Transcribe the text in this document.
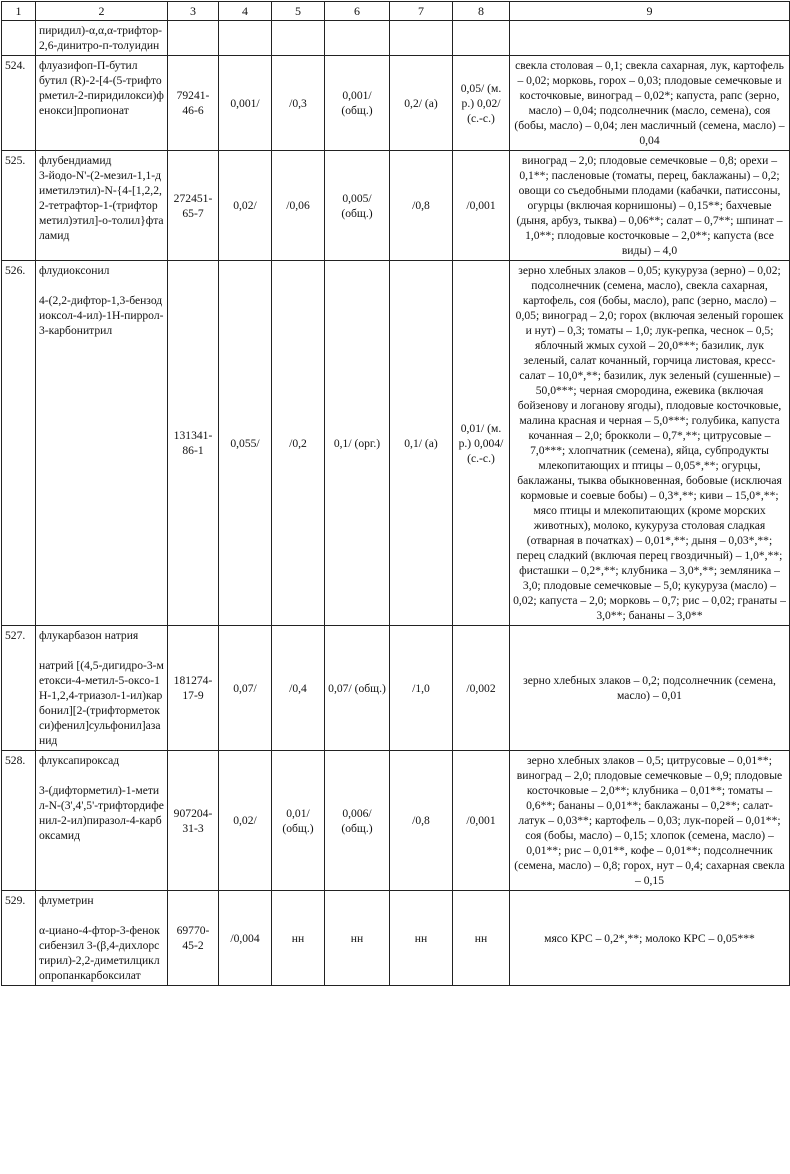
1	2	3	4	5	6	7	8	9
	пиридил)-α,α,α-трифтор-2,6-динитро-п-толуидин							
524.	флуазифоп-П-бутил
бутил (R)-2-[4-(5-трифторметил-2-пиридилокси)фенокси]пропионат	79241-46-6	0,001/	/0,3	0,001/ (общ.)	0,2/ (а)	0,05/ (м. р.) 0,02/ (с.-с.)	свекла столовая – 0,1; свекла сахарная, лук, картофель – 0,02; морковь, горох – 0,03; плодовые семечковые и косточковые, виноград – 0,02*; капуста, рапс (зерно, масло) – 0,04; подсолнечник (масло, семена), соя (бобы, масло) – 0,04; лен масличный (семена, масло) – 0,04
525.	флубендиамид
3-йодо-N'-(2-мезил-1,1-диметилэтил)-N-{4-[1,2,2,2-тетрафтор-1-(трифторметил)этил]-o-толил}фталамид	272451-65-7	0,02/	/0,06	0,005/ (общ.)	/0,8	/0,001	виноград – 2,0; плодовые семечковые – 0,8; орехи – 0,1**; пасленовые (томаты, перец, баклажаны) – 0,2; овощи со съедобными плодами (кабачки, патиссоны, огурцы (включая корнишоны) – 0,15**; бахчевые (дыня, арбуз, тыква) – 0,06**; салат – 0,7**; шпинат – 1,0**; плодовые косточковые – 2,0**; капуста (все виды) – 4,0
526.	флудиоксонил
4-(2,2-дифтор-1,3-бензодиоксол-4-ил)-1Н-пиррол-3-карбонитрил	131341-86-1	0,055/	/0,2	0,1/ (орг.)	0,1/ (а)	0,01/ (м. р.) 0,004/ (с.-с.)	зерно хлебных злаков – 0,05; кукуруза (зерно) – 0,02; подсолнечник (семена, масло), свекла сахарная, картофель, соя (бобы, масло), рапс (зерно, масло) – 0,05; виноград – 2,0; горох (включая зеленый горошек и нут) – 0,3; томаты – 1,0; лук-репка, чеснок – 0,5; яблочный жмых сухой – 20,0***; базилик, лук зеленый, салат кочанный, горчица листовая, кресс-салат – 10,0*,**; базилик, лук зеленый (сушенные) – 50,0***; черная смородина, ежевика (включая бойзенову и логанову ягоды), плодовые косточковые, малина красная и черная – 5,0***; голубика, капуста кочанная – 2,0; брокколи – 0,7*,**; цитрусовые – 7,0***; хлопчатник (семена), яйца, субпродукты млекопитающих и птицы – 0,05*,**; огурцы, баклажаны, тыква обыкновенная, бобовые (исключая кормовые и соевые бобы) – 0,3*,**; киви – 15,0*,**; мясо птицы и млекопитающих (кроме морских животных), молоко, кукуруза столовая сладкая (отварная в початках) – 0,01*,**; дыня – 0,03*,**; перец сладкий (включая перец гвоздичный) – 1,0*,**; фисташки – 0,2*,**; клубника – 3,0*,**; земляника – 3,0; плодовые семечковые – 5,0; кукуруза (масло) – 0,02; капуста – 2,0; морковь – 0,7; рис – 0,02; гранаты – 3,0**; бананы – 3,0**
527.	флукарбазон натрия
натрий [(4,5-дигидро-3-метокси-4-метил-5-оксо-1Н-1,2,4-триазол-1-ил)карбонил][2-(трифторметокси)фенил]сульфонил]азанид	181274-17-9	0,07/	/0,4	0,07/ (общ.)	/1,0	/0,002	зерно хлебных злаков – 0,2; подсолнечник (семена, масло) – 0,01
528.	флуксапироксад
3-(дифторметил)-1-метил-N-(3',4',5'-трифтордифенил-2-ил)пиразол-4-карбоксамид	907204-31-3	0,02/	0,01/ (общ.)	0,006/ (общ.)	/0,8	/0,001	зерно хлебных злаков – 0,5; цитрусовые – 0,01**; виноград – 2,0; плодовые семечковые – 0,9; плодовые косточковые – 2,0**; клубника – 0,01**; томаты – 0,6**; бананы – 0,01**; баклажаны – 0,2**; салат-латук – 0,03**; картофель – 0,03; лук-порей – 0,01**; соя (бобы, масло) – 0,15; хлопок (семена, масло) – 0,01**; рис – 0,01**, кофе – 0,01**; подсолнечник (семена, масло) – 0,8; горох, нут – 0,4; сахарная свекла – 0,15
529.	флуметрин
α-циано-4-фтор-3-феноксибензил 3-(β,4-дихлорстирил)-2,2-диметилциклопропанкарбоксилат	69770-45-2	/0,004	нн	нн	нн	нн	мясо КРС – 0,2*,**; молоко КРС – 0,05***
